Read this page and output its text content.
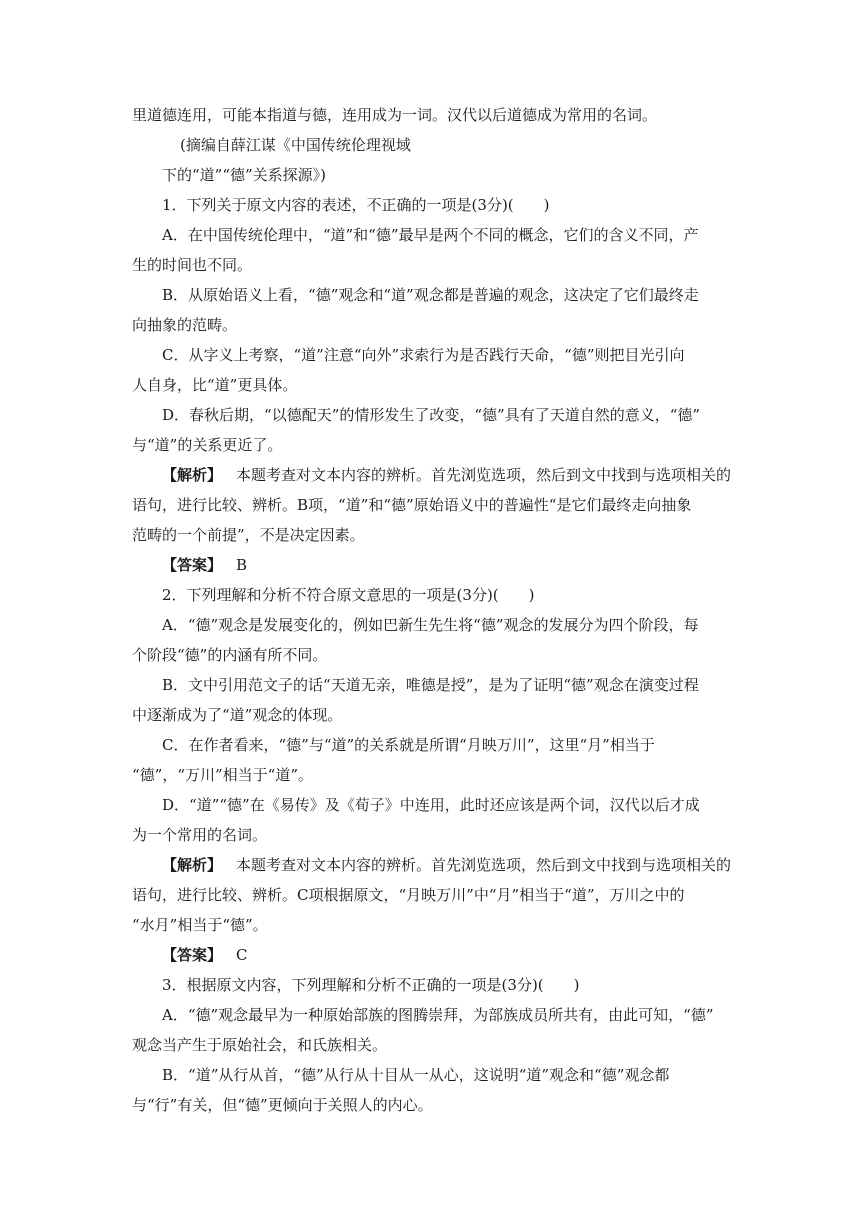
里道德连用，可能本指道与德，连用成为一词。汉代以后道德成为常用的名词。

(摘编自薛江谋《中国传统伦理视域

下的“道”“德”关系探源》)

1．下列关于原文内容的表述，不正确的一项是(3分)(　　)

A．在中国传统伦理中，“道”和“德”最早是两个不同的概念，它们的含义不同，产

生的时间也不同。

B．从原始语义上看，“德”观念和“道”观念都是普遍的观念，这决定了它们最终走

向抽象的范畴。

C．从字义上考察，“道”注意“向外”求索行为是否践行天命，“德”则把目光引向

人自身，比“道”更具体。

D．春秋后期，“以德配天”的情形发生了改变，“德”具有了天道自然的意义，“德”

与“道”的关系更近了。

【解析】 本题考查对文本内容的辨析。首先浏览选项，然后到文中找到与选项相关的

语句，进行比较、辨析。B项，“道”和“德”原始语义中的普遍性“是它们最终走向抽象

范畴的一个前提”，不是决定因素。

【答案】 B

2．下列理解和分析不符合原文意思的一项是(3分)(　　)

A．“德”观念是发展变化的，例如巴新生先生将“德”观念的发展分为四个阶段，每

个阶段“德”的内涵有所不同。

B．文中引用范文子的话“天道无亲，唯德是授”，是为了证明“德”观念在演变过程

中逐渐成为了“道”观念的体现。

C．在作者看来，“德”与“道”的关系就是所谓“月映万川”，这里“月”相当于

“德”，“万川”相当于“道”。

D．“道”“德”在《易传》及《荀子》中连用，此时还应该是两个词，汉代以后才成

为一个常用的名词。

【解析】 本题考查对文本内容的辨析。首先浏览选项，然后到文中找到与选项相关的

语句，进行比较、辨析。C项根据原文，“月映万川”中“月”相当于“道”，万川之中的

“水月”相当于“德”。

【答案】 C

3．根据原文内容，下列理解和分析不正确的一项是(3分)(　　)

A．“德”观念最早为一种原始部族的图腾崇拜，为部族成员所共有，由此可知，“德”

观念当产生于原始社会，和氏族相关。

B．“道”从行从首，“德”从行从十目从一从心，这说明“道”观念和“德”观念都

与“行”有关，但“德”更倾向于关照人的内心。
